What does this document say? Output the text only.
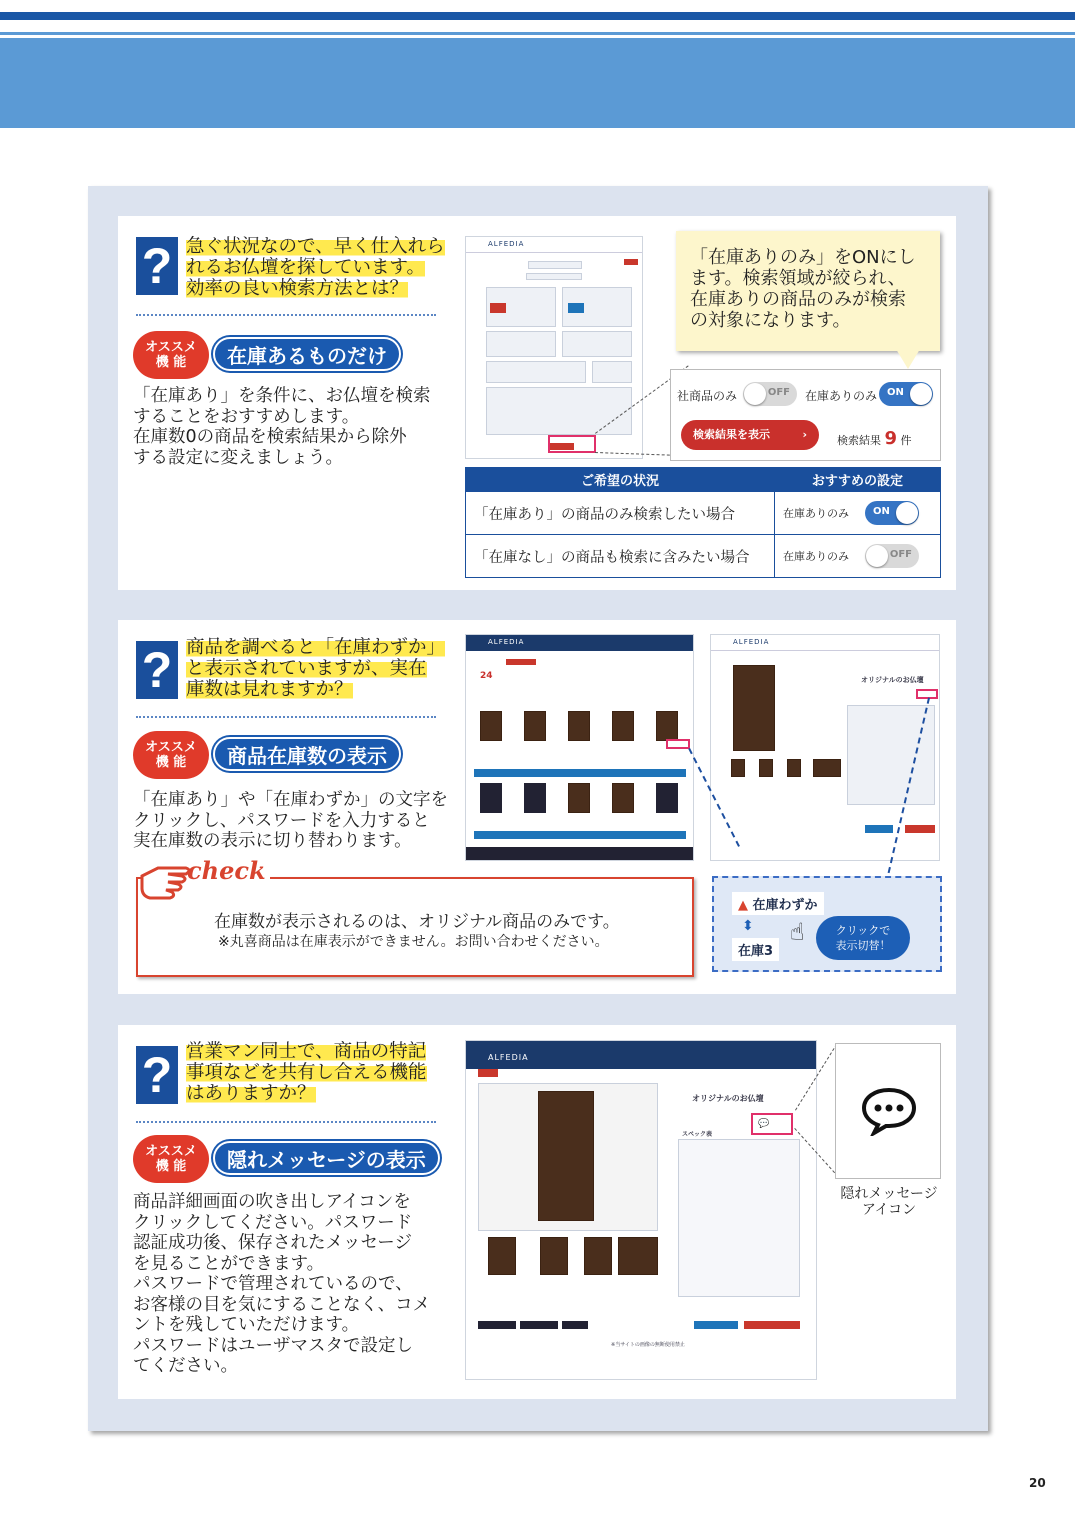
? 急ぐ状況なので、早く仕入れら
れるお仏壇を探しています。
効率の良い検索方法とは？
オススメ
機 能	在庫あるものだけ
「在庫あり」を条件に、お仏壇を検索
することをおすすめします。
在庫数0の商品を検索結果から除外
する設定に変えましょう。
ALFEDIA
「在庫ありのみ」をONにし
ます。検索領域が絞られ、
在庫ありの商品のみが検索
の対象になります。
社商品のみ	OFF 在庫ありのみ ON
検索結果を表示	›	検索結果 9 件
ご希望の状況	おすすめの設定
「在庫あり」の商品のみ検索したい場合	在庫ありのみ ON

「在庫なし」の商品も検索に含みたい場合	在庫ありのみ OFF
? 商品を調べると「在庫わずか」
と表示されていますが、実在
庫数は見れますか？
オススメ
機 能	商品在庫数の表示
「在庫あり」や「在庫わずか」の文字を
クリックし、パスワードを入力すると
実在庫数の表示に切り替わります。
ALFEDIA
24
ALFEDIA
オリジナルのお仏壇
在庫数が表示されるのは、オリジナル商品のみです。
※丸喜商品は在庫表示ができません。お問い合わせください。
check
▲ 在庫わずか
⬍
在庫3
☝	クリックで
表示切替！
? 営業マン同士で、商品の特記
事項などを共有し合える機能
はありますか？
オススメ
機 能	隠れメッセージの表示
商品詳細画面の吹き出しアイコンを
クリックしてください。パスワード
認証成功後、保存されたメッセージ
を見ることができます。
パスワードで管理されているので、
お客様の目を気にすることなく、コメ
ントを残していただけます。
パスワードはユーザマスタで設定し
てください。
ALFEDIA
オリジナルのお仏壇
💬
スペック表
※当サイトの画像の無断使用禁止
隠れメッセージ
アイコン
20
